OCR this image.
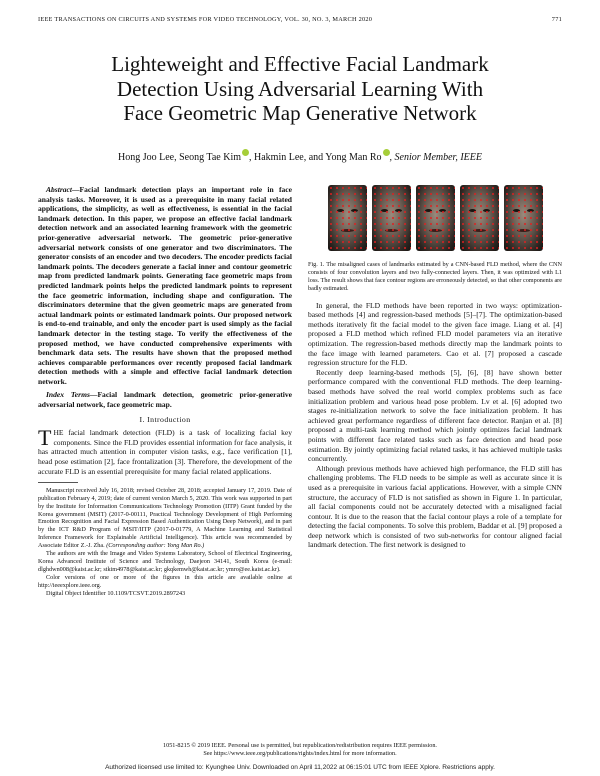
IEEE TRANSACTIONS ON CIRCUITS AND SYSTEMS FOR VIDEO TECHNOLOGY, VOL. 30, NO. 3, MARCH 2020	771
Lighteweight and Effective Facial Landmark
Detection Using Adversarial Learning With
Face Geometric Map Generative Network
Hong Joo Lee, Seong Tae Kim , Hakmin Lee, and Yong Man Ro , Senior Member, IEEE

Abstract—Facial landmark detection plays an important role in face analysis tasks. Moreover, it is used as a prerequisite in many facial related applications, the simplicity, as well as effectiveness, is essential in the facial landmark detection. In this paper, we propose an effective facial landmark detection network and an associated learning framework with the geometric prior-generative adversarial network. The geometric prior-generative adversarial network consists of one generator and two discriminators. The generator consists of an encoder and two decoders. The encoder predicts facial landmark points. The decoders generate a facial inner and contour geometric map from predicted landmark points. Generating face geometric maps from predicted landmark points helps the predicted landmark points to represent the face geometric information, including shape and configuration. The discriminators determine that the given geometric maps are generated from actual landmark points or estimated landmark points. Our proposed network is end-to-end trainable, and only the encoder part is used simply as the facial landmark detector in the testing stage. To verify the effectiveness of the proposed method, we have conducted comprehensive experiments with benchmark data sets. The results have shown that the proposed method achieves comparable performances over recently proposed facial landmark detection methods with a simple and effective facial landmark detection network.

Index Terms—Facial landmark detection, geometric prior-generative adversarial network, face geometric map.

I. Introduction
T HE facial landmark detection (FLD) is a task of localizing facial key components. Since the FLD provides essential information for face analysis, it has attracted much attention in computer vision tasks, e.g., face verification [1], head pose estimation [2], face frontalization [3]. Therefore, the development of the accurate FLD is an essential prerequisite for many facial related applications.

Manuscript received July 16, 2018; revised October 28, 2018; accepted January 17, 2019. Date of publication February 4, 2019; date of current version March 5, 2020. This work was supported in part by the Institute for Information Communications Technology Promotion (IITP) Grant funded by the Korea government (MSIT) (2017-0-00111, Practical Technology Development of High Performing Emotion Recognition and Facial Expression Based Authentication Using Deep Network), and in part by the ICT R&D Program of MSIT/IITP (2017-0-01779, A Machine Learning and Statistical Inference Framework for Explainable Artificial Intelligence). This article was recommended by Associate Editor Z.-J. Zha. (Corresponding author: Yong Man Ro.)

The authors are with the Image and Video Systems Laboratory, School of Electrical Engineering, Korea Advanced Institute of Science and Technology, Daejeon 34141, South Korea (e-mail: dlghdwn008@kaist.ac.kr; stkim4978@kaist.ac.kr; gkqkemwh@kaist.ac.kr; ymro@ee.kaist.ac.kr).

Color versions of one or more of the figures in this article are available online at http://ieeexplore.ieee.org.

Digital Object Identifier 10.1109/TCSVT.2019.2897243

Fig. 1. The misaligned cases of landmarks estimated by a CNN-based FLD method, where the CNN consists of four convolution layers and two fully-connected layers. Then, it was optimized with L1 loss. The result shows that face contour regions are erroneously detected, so that other components are badly estimated.

In general, the FLD methods have been reported in two ways: optimization-based methods [4] and regression-based methods [5]–[7]. The optimization-based methods iteratively fit the facial model to the given face image. Liang et al. [4] proposed a FLD method which refined FLD model parameters via an iterative optimization. The regression-based methods directly map the landmark points to the face image with learned parameters. Cao et al. [7] proposed a cascade regression structure for the FLD.

Recently deep learning-based methods [5], [6], [8] have shown better performance compared with the conventional FLD methods. The deep learning-based methods have solved the real world complex problems such as face initialization problem and various head pose problem. Lv et al. [6] adopted two stages re-initialization network to solve the face initialization problem. It has achieved great performance regardless of different face detector. Ranjan et al. [8] proposed a multi-task learning method which jointly optimizes facial landmark points with different face related tasks such as face detection and head pose estimation. By jointly optimizing facial related tasks, it has achieved multiple tasks concurrently.

Although previous methods have achieved high performance, the FLD still has challenging problems. The FLD needs to be simple as well as accurate since it is used as a prerequisite in various facial applications. However, with a simple CNN structure, the accuracy of FLD is not satisfied as shown in Figure 1. In particular, all facial components could not be accurately detected with a misaligned facial contour. It is due to the reason that the facial contour plays a role of a template for detecting the facial components. To solve this problem, Baddar et al. [9] proposed a deep network which is consisted of two sub-networks for contour aligned facial landmark detection. The first network is designed to

1051-8215 © 2019 IEEE. Personal use is permitted, but republication/redistribution requires IEEE permission.
See https://www.ieee.org/publications/rights/index.html for more information.
Authorized licensed use limited to: Kyunghee Univ. Downloaded on April 11,2022 at 06:15:01 UTC from IEEE Xplore. Restrictions apply.
